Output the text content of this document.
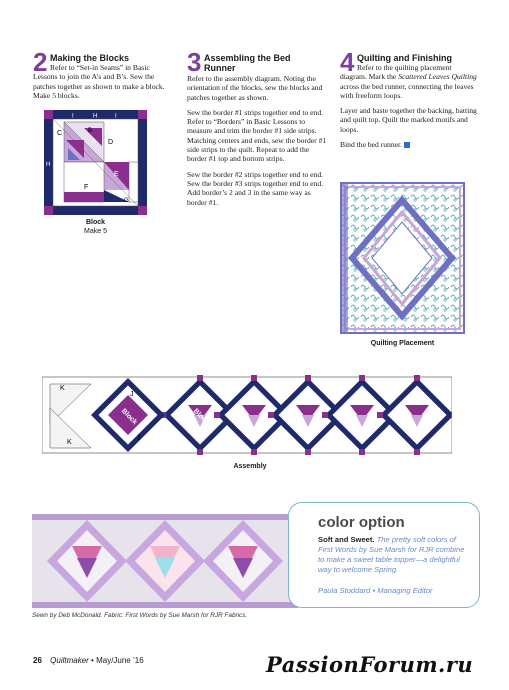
2 Making the Blocks
Refer to “Set-in Seams” in Basic Lessons to join the A’s and B’s. Sew the patches together as shown to make a block. Make 5 blocks.
I	H	I
C	B
A D
H
E
F
G
Block
Make 5
3 Assembling the Bed Runner

Refer to the assembly diagram. Noting the orientation of the blocks, sew the blocks and patches together as shown.

Sew the border #1 strips together end to end. Refer to “Borders” in Basic Lessons to measure and trim the border #1 side strips. Matching centers and ends, sew the border #1 side strips to the quilt. Repeat to add the border #1 top and bottom strips.

Sew the border #2 strips together end to end. Sew the border #3 strips together end to end. Add border’s 2 and 3 in the same way as border #1.

4 Quilting and Finishing

Refer to the quilting placement diagram. Mark the Scattered Leaves Quilting across the bed runner, connecting the leaves with freeform loops.

Layer and baste together the backing, batting and quilt top. Quilt the marked motifs and loops.

Bind the bed runner.

Quilting Placement
Block	Block
K
K
J
J
Assembly
Sewn by Deb McDonald. Fabric: First Words by Sue Marsh for RJR Fabrics.
color option
Soft and Sweet. The pretty soft colors of First Words by Sue Marsh for RJR combine to make a sweet table topper—a delightful way to welcome Spring.
Paula Stoddard • Managing Editor
26 Quiltmaker • May/June ’16	PassionForum.ru
